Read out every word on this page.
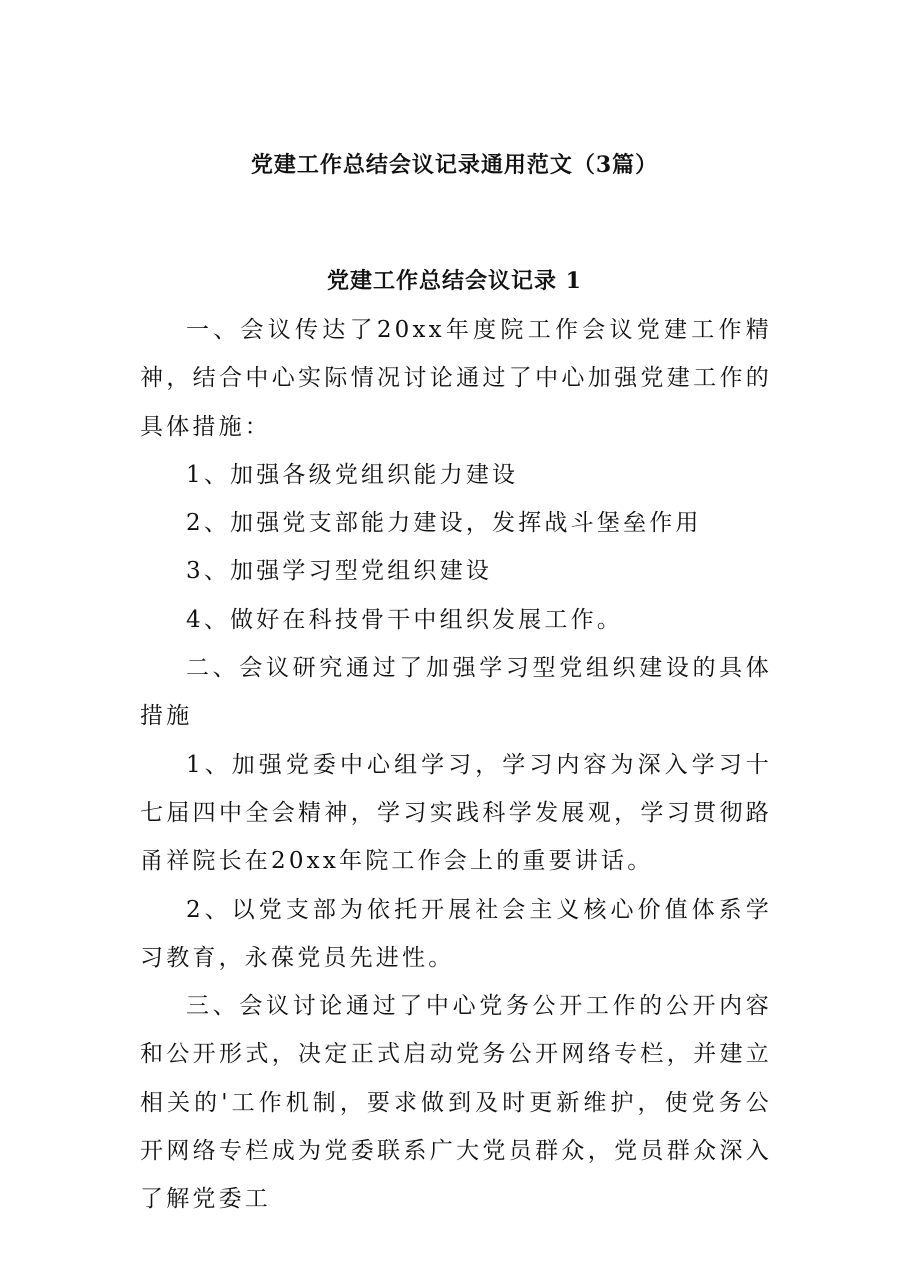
党建工作总结会议记录通用范文（3篇）
党建工作总结会议记录 1

一、会议传达了20xx年度院工作会议党建工作精神，结合中心实际情况讨论通过了中心加强党建工作的具体措施：

1、加强各级党组织能力建设

2、加强党支部能力建设，发挥战斗堡垒作用

3、加强学习型党组织建设

4、做好在科技骨干中组织发展工作。

二、会议研究通过了加强学习型党组织建设的具体措施

1、加强党委中心组学习，学习内容为深入学习十七届四中全会精神，学习实践科学发展观，学习贯彻路甬祥院长在20xx年院工作会上的重要讲话。

2、以党支部为依托开展社会主义核心价值体系学习教育，永葆党员先进性。

三、会议讨论通过了中心党务公开工作的公开内容和公开形式，决定正式启动党务公开网络专栏，并建立相关的'工作机制，要求做到及时更新维护，使党务公开网络专栏成为党委联系广大党员群众，党员群众深入了解党委工
